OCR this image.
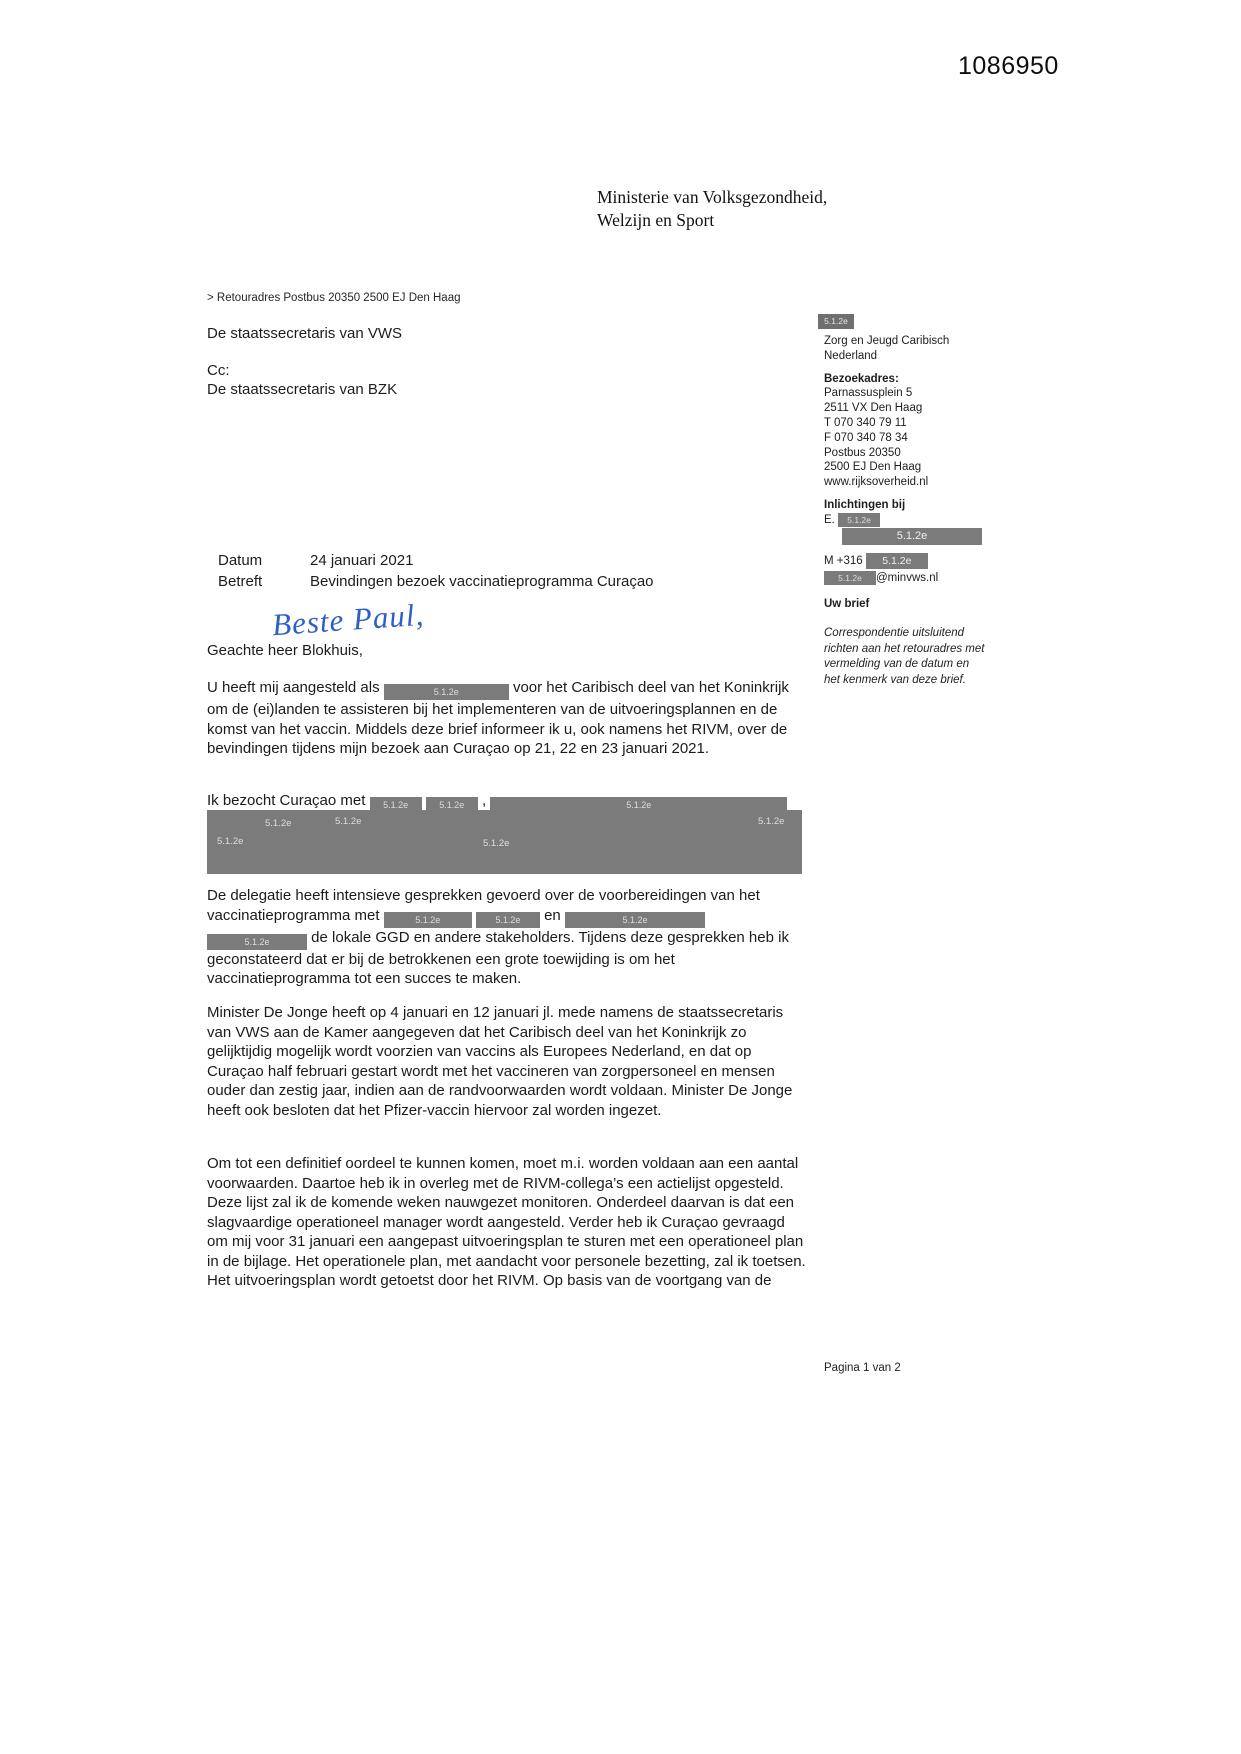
1086950
Ministerie van Volksgezondheid,
Welzijn en Sport
> Retouradres Postbus 20350 2500 EJ Den Haag
De staatssecretaris van VWS
Cc:
De staatssecretaris van BZK
5.1.2e
Zorg en Jeugd Caribisch
Nederland
Bezoekadres:
Parnassusplein 5
2511 VX Den Haag
T 070 340 79 11
F 070 340 78 34
Postbus 20350
2500 EJ Den Haag
www.rijksoverheid.nl
Inlichtingen bij
E. 5.1.2e
5.1.2e
M +316 5.1.2e
5.1.2e @minvws.nl
Uw brief
Correspondentie uitsluitend richten aan het retouradres met vermelding van de datum en het kenmerk van deze brief.
Datum	24 januari 2021
Betreft	Bevindingen bezoek vaccinatieprogramma Curaçao
Beste Paul,
Geachte heer Blokhuis,

U heeft mij aangesteld als	5.1.2e	voor het Caribisch deel van het Koninkrijk om de (ei)landen te assisteren bij het implementeren van de uitvoeringsplannen en de komst van het vaccin. Middels deze brief informeer ik u, ook namens het RIVM, over de bevindingen tijdens mijn bezoek aan Curaçao op 21, 22 en 23 januari 2021.

Ik bezocht Curaçao met 5.1.2e	5.1.2e ,	5.1.2e

5.1.2e	5.1.2e	5.1.2e
5.1.2e	5.1.2e

De delegatie heeft intensieve gesprekken gevoerd over de voorbereidingen van het vaccinatieprogramma met	5.1.2e	5.1.2e en	5.1.2e 5.1.2e	de lokale GGD en andere stakeholders. Tijdens deze gesprekken heb ik geconstateerd dat er bij de betrokkenen een grote toewijding is om het vaccinatieprogramma tot een succes te maken.

Minister De Jonge heeft op 4 januari en 12 januari jl. mede namens de staatssecretaris van VWS aan de Kamer aangegeven dat het Caribisch deel van het Koninkrijk zo gelijktijdig mogelijk wordt voorzien van vaccins als Europees Nederland, en dat op Curaçao half februari gestart wordt met het vaccineren van zorgpersoneel en mensen ouder dan zestig jaar, indien aan de randvoorwaarden wordt voldaan. Minister De Jonge heeft ook besloten dat het Pfizer-vaccin hiervoor zal worden ingezet.

Om tot een definitief oordeel te kunnen komen, moet m.i. worden voldaan aan een aantal voorwaarden. Daartoe heb ik in overleg met de RIVM-collega’s een actielijst opgesteld. Deze lijst zal ik de komende weken nauwgezet monitoren. Onderdeel daarvan is dat een slagvaardige operationeel manager wordt aangesteld. Verder heb ik Curaçao gevraagd om mij voor 31 januari een aangepast uitvoeringsplan te sturen met een operationeel plan in de bijlage. Het operationele plan, met aandacht voor personele bezetting, zal ik toetsen. Het uitvoeringsplan wordt getoetst door het RIVM. Op basis van de voortgang van de

Pagina 1 van 2
